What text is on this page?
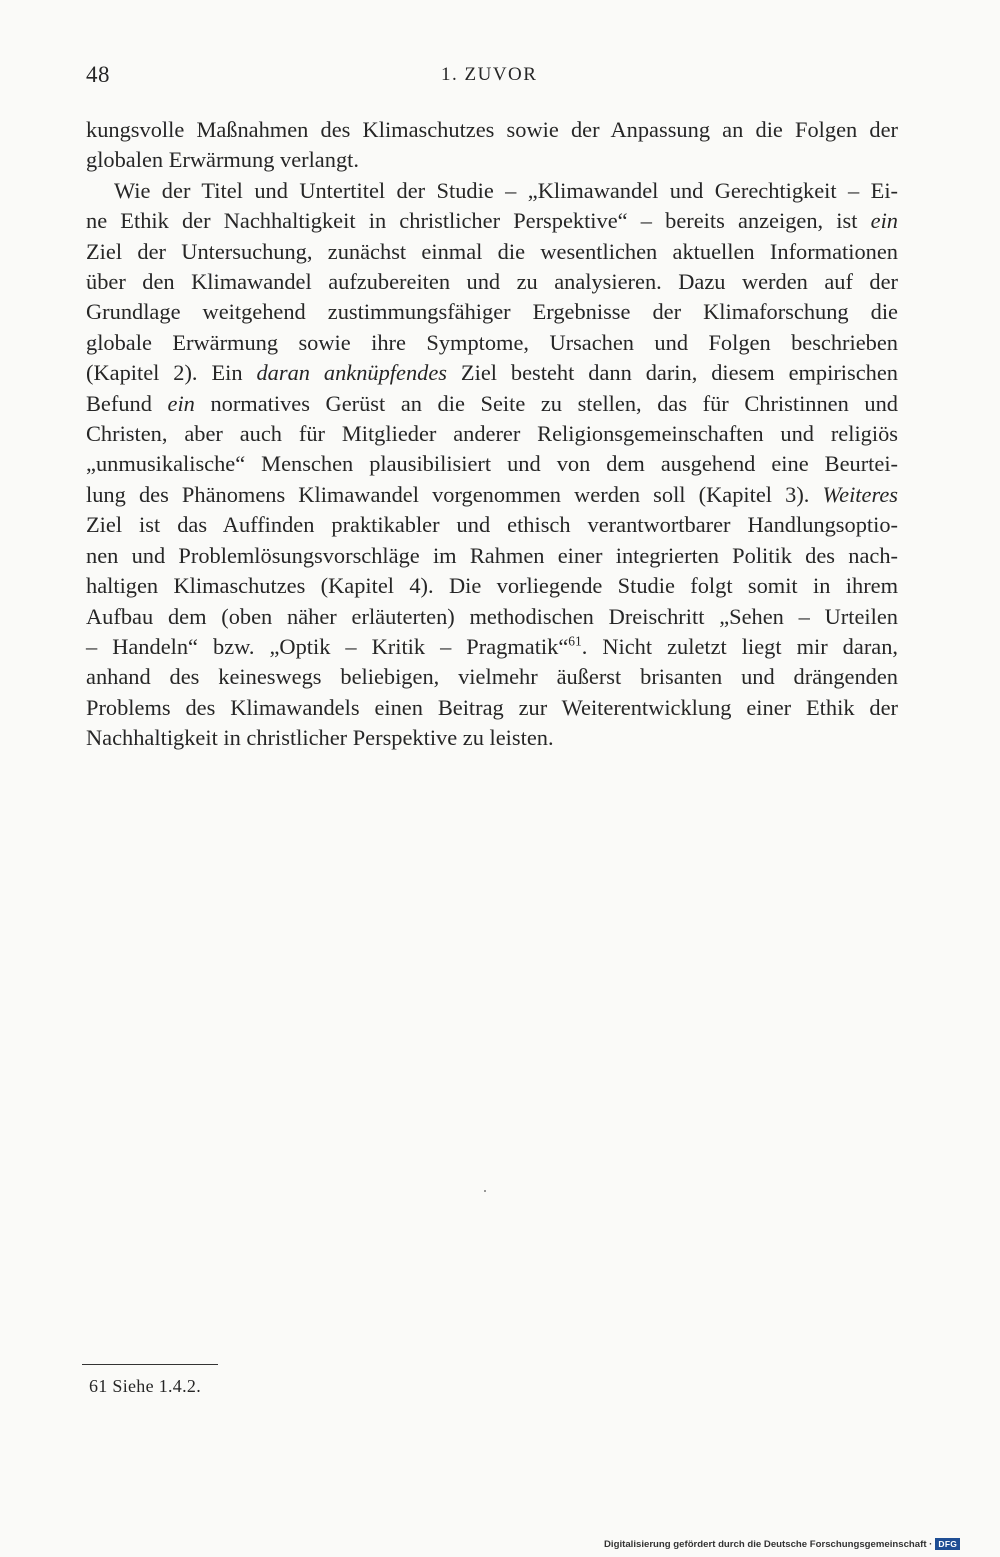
48	1. ZUVOR
kungsvolle Maßnahmen des Klimaschutzes sowie der Anpassung an die Folgen der
globalen Erwärmung verlangt.
Wie der Titel und Untertitel der Studie – „Klimawandel und Gerechtigkeit – Ei-
ne Ethik der Nachhaltigkeit in christlicher Perspektive“ – bereits anzeigen, ist ein
Ziel der Untersuchung, zunächst einmal die wesentlichen aktuellen Informationen
über den Klimawandel aufzubereiten und zu analysieren. Dazu werden auf der
Grundlage weitgehend zustimmungsfähiger Ergebnisse der Klimaforschung die
globale Erwärmung sowie ihre Symptome, Ursachen und Folgen beschrieben
(Kapitel 2). Ein daran anknüpfendes Ziel besteht dann darin, diesem empirischen
Befund ein normatives Gerüst an die Seite zu stellen, das für Christinnen und
Christen, aber auch für Mitglieder anderer Religionsgemeinschaften und religiös
„unmusikalische“ Menschen plausibilisiert und von dem ausgehend eine Beurtei-
lung des Phänomens Klimawandel vorgenommen werden soll (Kapitel 3). Weiteres
Ziel ist das Auffinden praktikabler und ethisch verantwortbarer Handlungsoptio-
nen und Problemlösungsvorschläge im Rahmen einer integrierten Politik des nach-
haltigen Klimaschutzes (Kapitel 4). Die vorliegende Studie folgt somit in ihrem
Aufbau dem (oben näher erläuterten) methodischen Dreischritt „Sehen – Urteilen
– Handeln“ bzw. „Optik – Kritik – Pragmatik“$^{61}$. Nicht zuletzt liegt mir daran,
anhand des keineswegs beliebigen, vielmehr äußerst brisanten und drängenden
Problems des Klimawandels einen Beitrag zur Weiterentwicklung einer Ethik der
Nachhaltigkeit in christlicher Perspektive zu leisten.
61 Siehe 1.4.2.
Digitalisierung gefördert durch die Deutsche Forschungsgemeinschaft · DFG
